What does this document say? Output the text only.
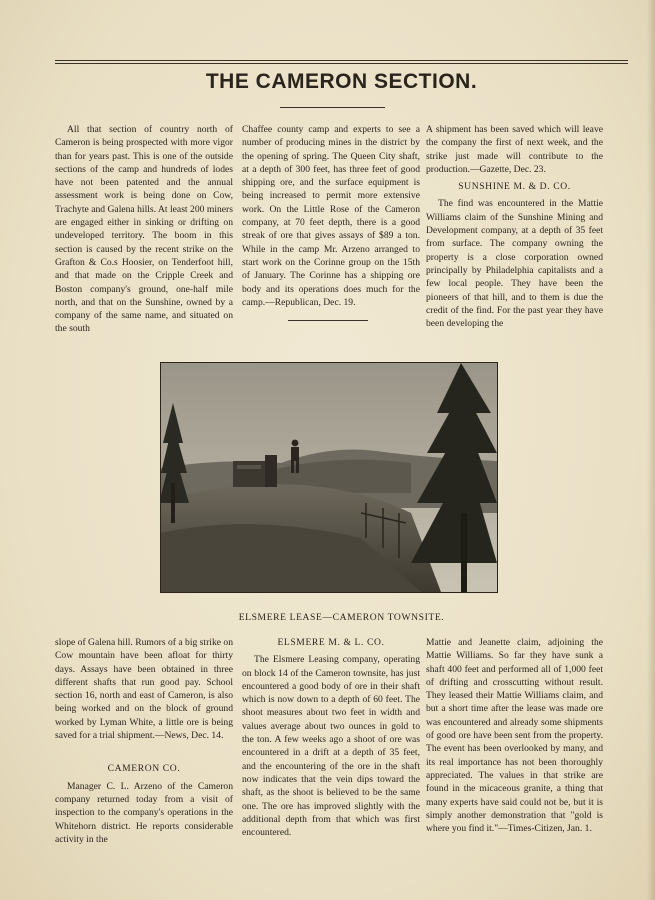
THE CAMERON SECTION.

All that section of country north of Cameron is being prospected with more vigor than for years past. This is one of the outside sections of the camp and hundreds of lodes have not been patented and the annual assessment work is being done on Cow, Trachyte and Galena hills. At least 200 miners are engaged either in sinking or drifting on undeveloped territory. The boom in this section is caused by the recent strike on the Grafton & Co.s Hoosier, on Tenderfoot hill, and that made on the Cripple Creek and Boston company's ground, one-half mile north, and that on the Sunshine, owned by a company of the same name, and situated on the south

Chaffee county camp and experts to see a number of producing mines in the district by the opening of spring. The Queen City shaft, at a depth of 300 feet, has three feet of good shipping ore, and the surface equipment is being increased to permit more extensive work. On the Little Rose of the Cameron company, at 70 feet depth, there is a good streak of ore that gives assays of $89 a ton. While in the camp Mr. Arzeno arranged to start work on the Corinne group on the 15th of January. The Corinne has a shipping ore body and its operations does much for the camp.—Republican, Dec. 19.

A shipment has been saved which will leave the company the first of next week, and the strike just made will contribute to the production.—Gazette, Dec. 23.

SUNSHINE M. & D. CO.

The find was encountered in the Mattie Williams claim of the Sunshine Mining and Development company, at a depth of 35 feet from surface. The company owning the property is a close corporation owned principally by Philadelphia capitalists and a few local people. They have been the pioneers of that hill, and to them is due the credit of the find. For the past year they have been developing the

ELSMERE LEASE—CAMERON TOWNSITE.

slope of Galena hill. Rumors of a big strike on Cow mountain have been afloat for thirty days. Assays have been obtained in three different shafts that run good pay. School section 16, north and east of Cameron, is also being worked and on the block of ground worked by Lyman White, a little ore is being saved for a trial shipment.—News, Dec. 14.

CAMERON CO.

Manager C. L. Arzeno of the Cameron company returned today from a visit of inspection to the company's operations in the Whitehorn district. He reports considerable activity in the

ELSMERE M. & L. CO.

The Elsmere Leasing company, operating on block 14 of the Cameron townsite, has just encountered a good body of ore in their shaft which is now down to a depth of 60 feet. The shoot measures about two feet in width and values average about two ounces in gold to the ton. A few weeks ago a shoot of ore was encountered in a drift at a depth of 35 feet, and the encountering of the ore in the shaft now indicates that the vein dips toward the shaft, as the shoot is believed to be the same one. The ore has improved slightly with the additional depth from that which was first encountered.

Mattie and Jeanette claim, adjoining the Mattie Williams. So far they have sunk a shaft 400 feet and performed all of 1,000 feet of drifting and crosscutting without result. They leased their Mattie Williams claim, and but a short time after the lease was made ore was encountered and already some shipments of good ore have been sent from the property. The event has been overlooked by many, and its real importance has not been thoroughly appreciated. The values in that strike are found in the micaceous granite, a thing that many experts have said could not be, but it is simply another demonstration that "gold is where you find it."—Times-Citizen, Jan. 1.
